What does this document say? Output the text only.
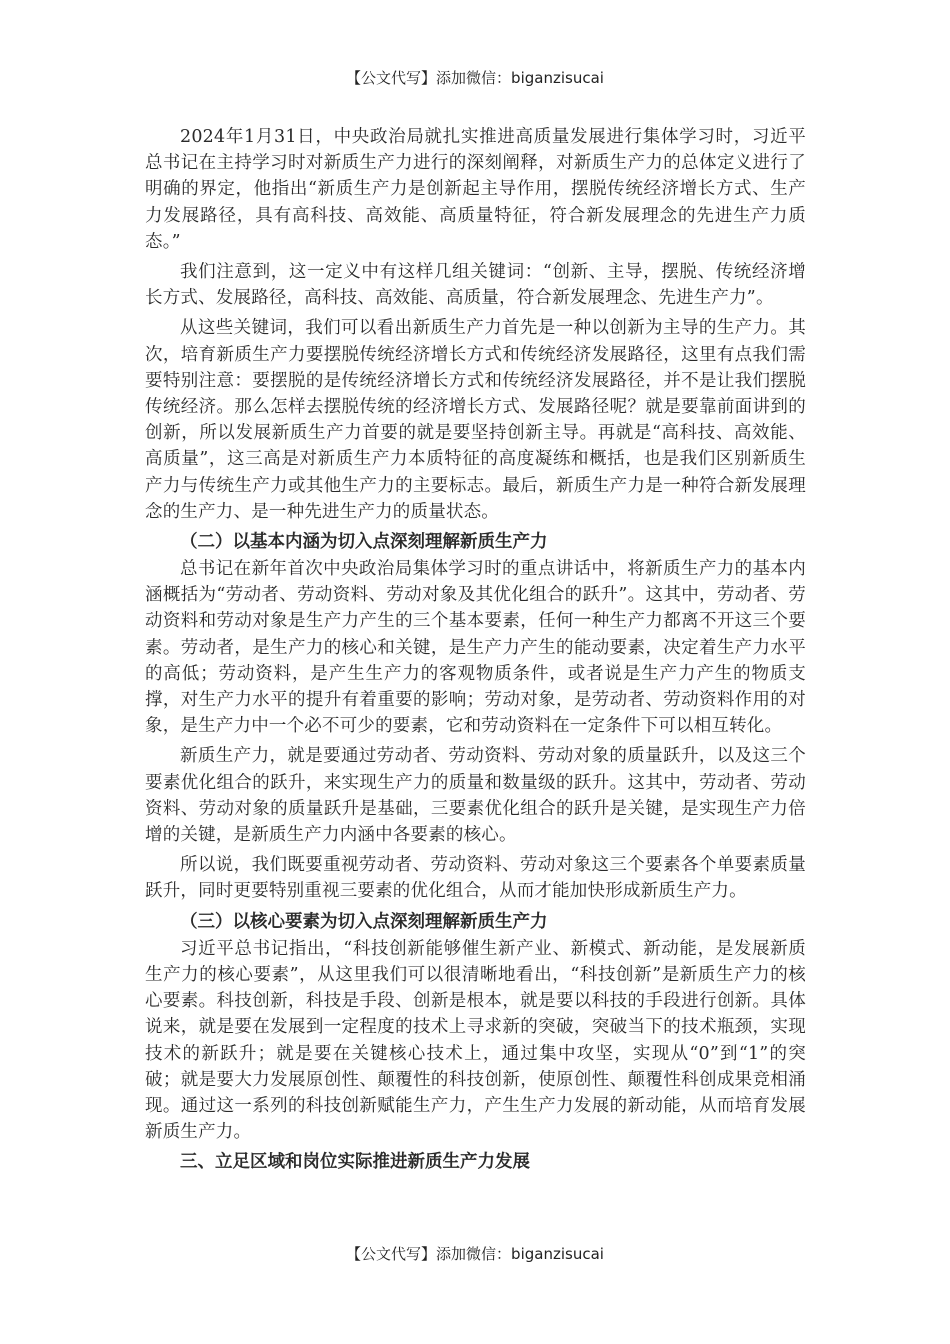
【公文代写】添加微信：biganzisucai

2024年1月31日，中央政治局就扎实推进高质量发展进行集体学习时，习近平总书记在主持学习时对新质生产力进行的深刻阐释，对新质生产力的总体定义进行了明确的界定，他指出“新质生产力是创新起主导作用，摆脱传统经济增长方式、生产力发展路径，具有高科技、高效能、高质量特征，符合新发展理念的先进生产力质态。”

我们注意到，这一定义中有这样几组关键词：“创新、主导，摆脱、传统经济增长方式、发展路径，高科技、高效能、高质量，符合新发展理念、先进生产力”。

从这些关键词，我们可以看出新质生产力首先是一种以创新为主导的生产力。其次，培育新质生产力要摆脱传统经济增长方式和传统经济发展路径，这里有点我们需要特别注意：要摆脱的是传统经济增长方式和传统经济发展路径，并不是让我们摆脱传统经济。那么怎样去摆脱传统的经济增长方式、发展路径呢？就是要靠前面讲到的创新，所以发展新质生产力首要的就是要坚持创新主导。再就是“高科技、高效能、高质量”，这三高是对新质生产力本质特征的高度凝练和概括，也是我们区别新质生产力与传统生产力或其他生产力的主要标志。最后，新质生产力是一种符合新发展理念的生产力、是一种先进生产力的质量状态。

（二）以基本内涵为切入点深刻理解新质生产力

总书记在新年首次中央政治局集体学习时的重点讲话中，将新质生产力的基本内涵概括为“劳动者、劳动资料、劳动对象及其优化组合的跃升”。这其中，劳动者、劳动资料和劳动对象是生产力产生的三个基本要素，任何一种生产力都离不开这三个要素。劳动者，是生产力的核心和关键，是生产力产生的能动要素，决定着生产力水平的高低；劳动资料，是产生生产力的客观物质条件，或者说是生产力产生的物质支撑，对生产力水平的提升有着重要的影响；劳动对象，是劳动者、劳动资料作用的对象，是生产力中一个必不可少的要素，它和劳动资料在一定条件下可以相互转化。

新质生产力，就是要通过劳动者、劳动资料、劳动对象的质量跃升，以及这三个要素优化组合的跃升，来实现生产力的质量和数量级的跃升。这其中，劳动者、劳动资料、劳动对象的质量跃升是基础，三要素优化组合的跃升是关键，是实现生产力倍增的关键，是新质生产力内涵中各要素的核心。

所以说，我们既要重视劳动者、劳动资料、劳动对象这三个要素各个单要素质量跃升，同时更要特别重视三要素的优化组合，从而才能加快形成新质生产力。

（三）以核心要素为切入点深刻理解新质生产力

习近平总书记指出，“科技创新能够催生新产业、新模式、新动能，是发展新质生产力的核心要素”，从这里我们可以很清晰地看出，“科技创新”是新质生产力的核心要素。科技创新，科技是手段、创新是根本，就是要以科技的手段进行创新。具体说来，就是要在发展到一定程度的技术上寻求新的突破，突破当下的技术瓶颈，实现技术的新跃升；就是要在关键核心技术上，通过集中攻坚，实现从“0”到“1”的突破；就是要大力发展原创性、颠覆性的科技创新，使原创性、颠覆性科创成果竞相涌现。通过这一系列的科技创新赋能生产力，产生生产力发展的新动能，从而培育发展新质生产力。

三、立足区域和岗位实际推进新质生产力发展

【公文代写】添加微信：biganzisucai
